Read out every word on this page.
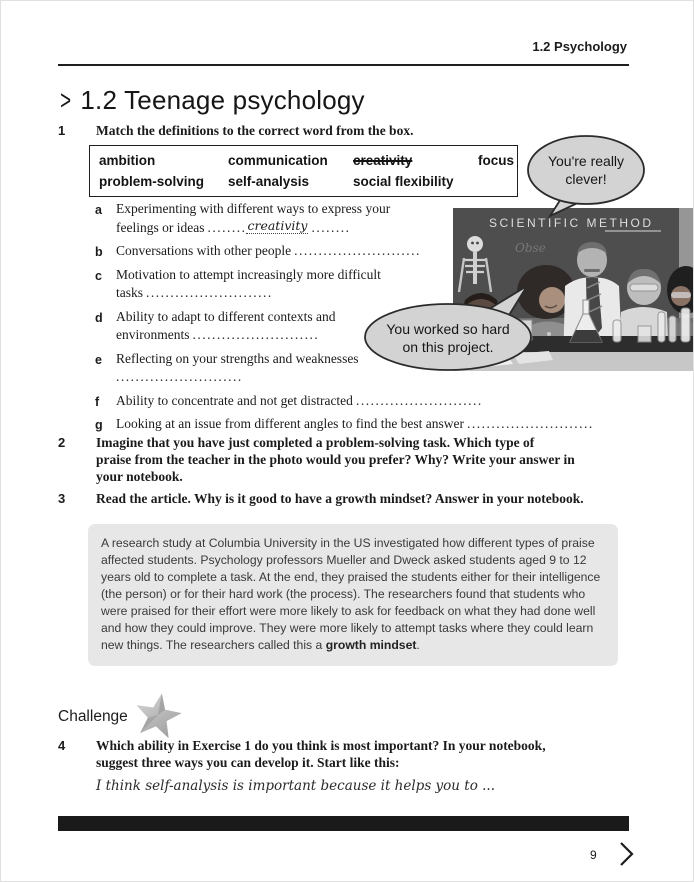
1.2 Psychology
> 1.2 Teenage psychology
1 Match the definitions to the correct word from the box.
ambition	communication	creativity	focus
problem-solving	self-analysis	social flexibility
a Experimenting with different ways to express your
feelings or ideas ........creativity ........
b Conversations with other people ..........................
c Motivation to attempt increasingly more difficult
tasks ..........................
d Ability to adapt to different contexts and
environments ..........................
e Reflecting on your strengths and weaknesses
..........................
f Ability to concentrate and not get distracted ..........................
g Looking at an issue from different angles to find the best answer ..........................
SCIENTIFIC METHOD
Obse
You're really
clever!
You worked so hard
on this project.
2 Imagine that you have just completed a problem-solving task. Which type of
praise from the teacher in the photo would you prefer? Why? Write your answer in
your notebook.
3 Read the article. Why is it good to have a growth mindset? Answer in your notebook.
A research study at Columbia University in the US investigated how different types of praise affected students. Psychology professors Mueller and Dweck asked students aged 9 to 12 years old to complete a task. At the end, they praised the students either for their intelligence (the person) or for their hard work (the process). The researchers found that students who were praised for their effort were more likely to ask for feedback on what they had done well and how they could improve. They were more likely to attempt tasks where they could learn new things. The researchers called this a growth mindset.
Challenge
4 Which ability in Exercise 1 do you think is most important? In your notebook,
suggest three ways you can develop it. Start like this:
I think self-analysis is important because it helps you to ...
9
